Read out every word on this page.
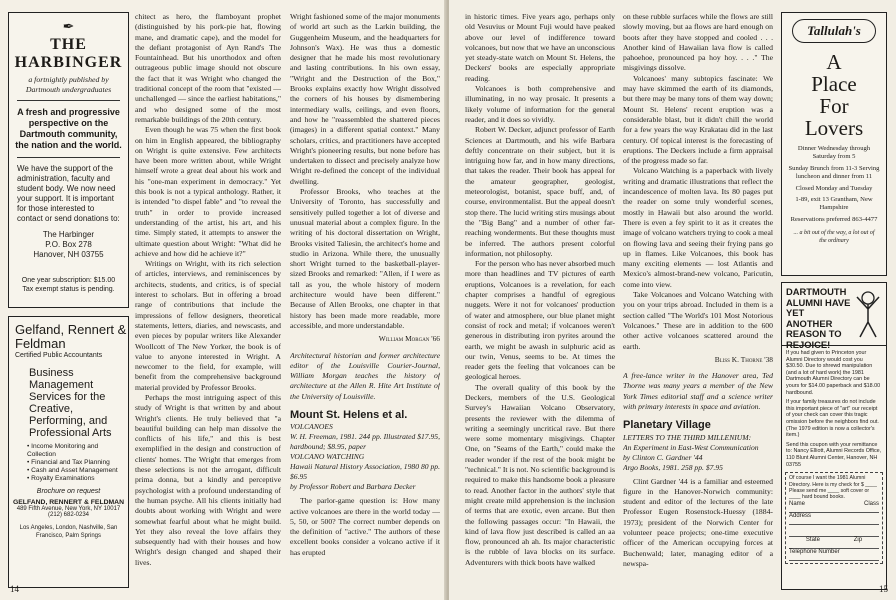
✒
THE HARBINGER
a fortnightly published by Dartmouth undergraduates
A fresh and progressive perspective on the Dartmouth community, the nation and the world.
We have the support of the administration, faculty and student body. We now need your support. It is important for those interested to contact or send donations to:
The Harbinger
P.O. Box 278
Hanover, NH 03755
One year subscription: $15.00
Tax exempt status is pending.
Gelfand, Rennert & Feldman
Certified Public Accountants
Business Management Services for the Creative, Performing, and Professional Arts
• Income Monitoring and Collection
• Financial and Tax Planning
• Cash and Asset Management
• Royalty Examinations
Brochure on request
GELFAND, RENNERT & FELDMAN
489 Fifth Avenue, New York, NY 10017
(212) 682-0234
Los Angeles, London, Nashville, San Francisco, Palm Springs

chitect as hero, the flamboyant prophet (distinguished by his pork-pie hat, flowing mane, and dramatic cape), and the model for the defiant protagonist of Ayn Rand's The Fountainhead. But his unorthodox and often outrageous public image should not obscure the fact that it was Wright who changed the traditional concept of the room that "existed — unchallenged — since the earliest habitations," and who designed some of the most remarkable buildings of the 20th century.

Even though he was 75 when the first book on him in English appeared, the bibliography on Wright is quite extensive. Few architects have been more written about, while Wright himself wrote a great deal about his work and his "one-man experiment in democracy." Yet this book is not a typical anthology. Rather, it is intended "to dispel fable" and "to reveal the truth" in order to provide increased understanding of the artist, his art, and his time. Simply stated, it attempts to answer the ultimate question about Wright: "What did he achieve and how did he achieve it?"

Writings on Wright, with its rich selection of articles, interviews, and reminiscences by architects, students, and critics, is of special interest to scholars. But in offering a broad range of contributions that include the impressions of fellow designers, theoretical statements, letters, diaries, and newscasts, and even pieces by popular writers like Alexander Woollcott of The New Yorker, the book is of value to anyone interested in Wright. A newcomer to the field, for example, will benefit from the comprehensive background material provided by Professor Brooks.

Perhaps the most intriguing aspect of this study of Wright is that written by and about Wright's clients. He truly believed that "a beautiful building can help man dissolve the conflicts of his life," and this is best exemplified in the design and construction of clients' homes. The Wright that emerges from these selections is not the arrogant, difficult prima donna, but a kindly and perceptive psychologist with a profound understanding of the human psyche. All his clients initially had doubts about working with Wright and were somewhat fearful about what he might build. Yet they also reveal the love affairs they subsequently had with their houses and how Wright's design changed and shaped their lives.

Wright fashioned some of the major monuments of world art such as the Larkin building, the Guggenheim Museum, and the headquarters for Johnson's Wax). He was thus a domestic designer that he made his most revolutionary and lasting contributions. In his own essay, "Wright and the Destruction of the Box," Brooks explains exactly how Wright dissolved the corners of his houses by dismembering intermediary walls, ceilings, and even floors, and how he "reassembled the shattered pieces (images) in a different spatial context." Many scholars, critics, and practitioners have accepted Wright's pioneering results, but none before has undertaken to dissect and precisely analyze how Wright re-defined the concept of the individual dwelling.

Professor Brooks, who teaches at the University of Toronto, has successfully and sensitively pulled together a lot of diverse and unusual material about a complex figure. In the writing of his doctoral dissertation on Wright, Brooks visited Taliesin, the architect's home and studio in Arizona. While there, the unusually short Wright turned to the basketball-player-sized Brooks and remarked: "Allen, if I were as tall as you, the whole history of modern architecture would have been different." Because of Allen Brooks, one chapter in that history has been made more readable, more accessible, and more understandable.

William Morgan '66

Architectural historian and former architecture editor of the Louisville Courier-Journal, William Morgan teaches the history of architecture at the Allen R. Hite Art Institute of the University of Louisville.

Mount St. Helens et al.
VOLCANOES
W. H. Freeman, 1981. 244 pp. Illustrated $17.95, hardbound; $8.95, paper
VOLCANO WATCHING
Hawaii Natural History Association, 1980 80 pp. $6.95
by Professor Robert and Barbara Decker

The parlor-game question is: How many active volcanoes are there in the world today — 5, 50, or 500? The correct number depends on the definition of "active." The authors of these excellent books consider a volcano active if it has erupted

14

in historic times. Five years ago, perhaps only old Vesuvius or Mount Fuji would have peaked above our level of indifference toward volcanoes, but now that we have an unconscious yet steady-state watch on Mount St. Helens, the Deckers' books are especially appropriate reading.

Volcanoes is both comprehensive and illuminating, in no way prosaic. It presents a likely volume of information for the general reader, and it does so vividly.

Robert W. Decker, adjunct professor of Earth Sciences at Dartmouth, and his wife Barbara deftly concentrate on their subject, but it is intriguing how far, and in how many directions, that takes the reader. Their book has appeal for the amateur geographer, geologist, meteorologist, botanist, space buff, and, of course, environmentalist. But the appeal doesn't stop there. The lucid writing stirs musings about the "Big Bang" and a number of other far-reaching wonderments. But these thoughts must be inferred. The authors present colorful information, not philosophy.

For the person who has never absorbed much more than headlines and TV pictures of earth eruptions, Volcanoes is a revelation, for each chapter comprises a handful of egregious nuggets. Were it not for volcanoes' production of water and atmosphere, our blue planet might consist of rock and metal; if volcanoes weren't generous in distributing iron pyrites around the earth, we might be awash in sulphuric acid as our twin, Venus, seems to be. At times the reader gets the feeling that volcanoes can be geological heroes.

The overall quality of this book by the Deckers, members of the U.S. Geological Survey's Hawaiian Volcano Observatory, presents the reviewer with the dilemma of writing a seemingly uncritical rave. But there were some momentary misgivings. Chapter One, on "Seams of the Earth," could make the reader wonder if the rest of the book might be "technical." It is not. No scientific background is required to make this handsome book a pleasure to read. Another factor in the authors' style that might create mild apprehension is the inclusion of terms that are exotic, even arcane. But then the following passages occur: "In Hawaii, the kind of lava flow just described is called an aa flow, pronounced ah ah. Its major characteristic is the rubble of lava blocks on its surface. Adventurers with thick boots have walked

on these rubble surfaces while the flows are still slowly moving, but aa flows are hard enough on boots after they have stopped and cooled . . . Another kind of Hawaiian lava flow is called pahoehoe, pronounced pa hoy hoy. . . ." The misgivings dissolve.

Volcanoes' many subtopics fascinate: We may have skimmed the earth of its diamonds, but there may be many tons of them way down; Mount St. Helens' recent eruption was a considerable blast, but it didn't chill the world for a few years the way Krakatau did in the last century. Of topical interest is the forecasting of eruptions. The Deckers include a firm appraisal of the progress made so far.

Volcano Watching is a paperback with lively writing and dramatic illustrations that reflect the incandescence of molten lava. Its 80 pages put the reader on some truly wonderful scenes, mostly in Hawaii but also around the world. There is even a fey spirit to it as it creates the image of volcano watchers trying to cook a meal on flowing lava and seeing their frying pans go up in flames. Like Volcanoes, this book has many exciting elements — lost Atlantis and Mexico's almost-brand-new volcano, Paricutin, come into view.

Take Volcanoes and Volcano Watching with you on your trips abroad. Included in them is a section called "The World's 101 Most Notorious Volcanoes." These are in addition to the 600 other active volcanoes scattered around the earth.

Bliss K. Thorne '38

A free-lance writer in the Hanover area, Ted Thorne was many years a member of the New York Times editorial staff and a science writer with primary interests in space and aviation.

Planetary Village
LETTERS TO THE THIRD MILLENIUM:
An Experiment in East-West Communication
by Clinton C. Gardner '44
Argo Books, 1981. 258 pp. $7.95

Clint Gardner '44 is a familiar and esteemed figure in the Hanover-Norwich community: student and editor of the lectures of the late Professor Eugen Rosenstock-Huessy (1884-1973); president of the Norwich Center for volunteer peace projects; one-time executive officer of the American occupying forces at Buchenwald; later, managing editor of a newspa-

Tallulah's
A
Place
For
Lovers
Dinner Wednesday through Saturday from 5
Sunday Brunch from 11-3 Serving luncheon and dinner from 11
Closed Monday and Tuesday
1-89, exit 13 Grantham, New Hampshire
Reservations preferred 863-4477
... a bit out of the way, a lot out of the ordinary
DARTMOUTH ALUMNI HAVE YET ANOTHER REASON TO REJOICE!
If you had given to Princeton your Alumni Directory would cost you $30.50. Due to shrewd manipulation (and a lot of hard work) the 1981 Dartmouth Alumni Directory can be yours for $14.00 paperback and $18.00 hardbound.
If your family treasures do not include this important piece of "art" our receipt of your check can cover this tragic omission before the neighbors find out. (The 1979 edition is now a collector's item.)
Send this coupon with your remittance to: Nancy Elliott, Alumni Records Office, 110 Blunt Alumni Center, Hanover, NH 03755
Of course I want the 1981 Alumni Directory. Here is my check for $ ____ Please send me ____ soft cover or ____ hard bound books.
Name	Class
Address
State	Zip
Telephone Number
15
